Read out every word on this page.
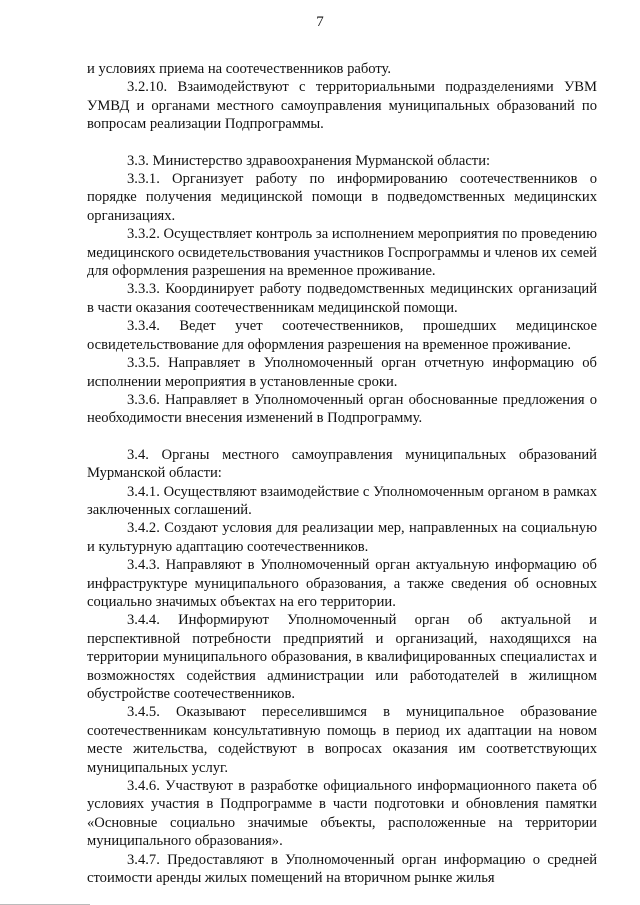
7

и условиях приема на соотечественников работу.

3.2.10. Взаимодействуют с территориальными подразделениями УВМ УМВД и органами местного самоуправления муниципальных образований по вопросам реализации Подпрограммы.

3.3. Министерство здравоохранения Мурманской области:

3.3.1. Организует работу по информированию соотечественников о порядке получения медицинской помощи в подведомственных медицинских организациях.

3.3.2. Осуществляет контроль за исполнением мероприятия по проведению медицинского освидетельствования участников Госпрограммы и членов их семей для оформления разрешения на временное проживание.

3.3.3. Координирует работу подведомственных медицинских организаций в части оказания соотечественникам медицинской помощи.

3.3.4. Ведет учет соотечественников, прошедших медицинское освидетельствование для оформления разрешения на временное проживание.

3.3.5. Направляет в Уполномоченный орган отчетную информацию об исполнении мероприятия в установленные сроки.

3.3.6. Направляет в Уполномоченный орган обоснованные предложения о необходимости внесения изменений в Подпрограмму.

3.4. Органы местного самоуправления муниципальных образований Мурманской области:

3.4.1. Осуществляют взаимодействие с Уполномоченным органом в рамках заключенных соглашений.

3.4.2. Создают условия для реализации мер, направленных на социальную и культурную адаптацию соотечественников.

3.4.3. Направляют в Уполномоченный орган актуальную информацию об инфраструктуре муниципального образования, а также сведения об основных социально значимых объектах на его территории.

3.4.4. Информируют Уполномоченный орган об актуальной и перспективной потребности предприятий и организаций, находящихся на территории муниципального образования, в квалифицированных специалистах и возможностях содействия администрации или работодателей в жилищном обустройстве соотечественников.

3.4.5. Оказывают переселившимся в муниципальное образование соотечественникам консультативную помощь в период их адаптации на новом месте жительства, содействуют в вопросах оказания им соответствующих муниципальных услуг.

3.4.6. Участвуют в разработке официального информационного пакета об условиях участия в Подпрограмме в части подготовки и обновления памятки «Основные социально значимые объекты, расположенные на территории муниципального образования».

3.4.7. Предоставляют в Уполномоченный орган информацию о средней стоимости аренды жилых помещений на вторичном рынке жилья
